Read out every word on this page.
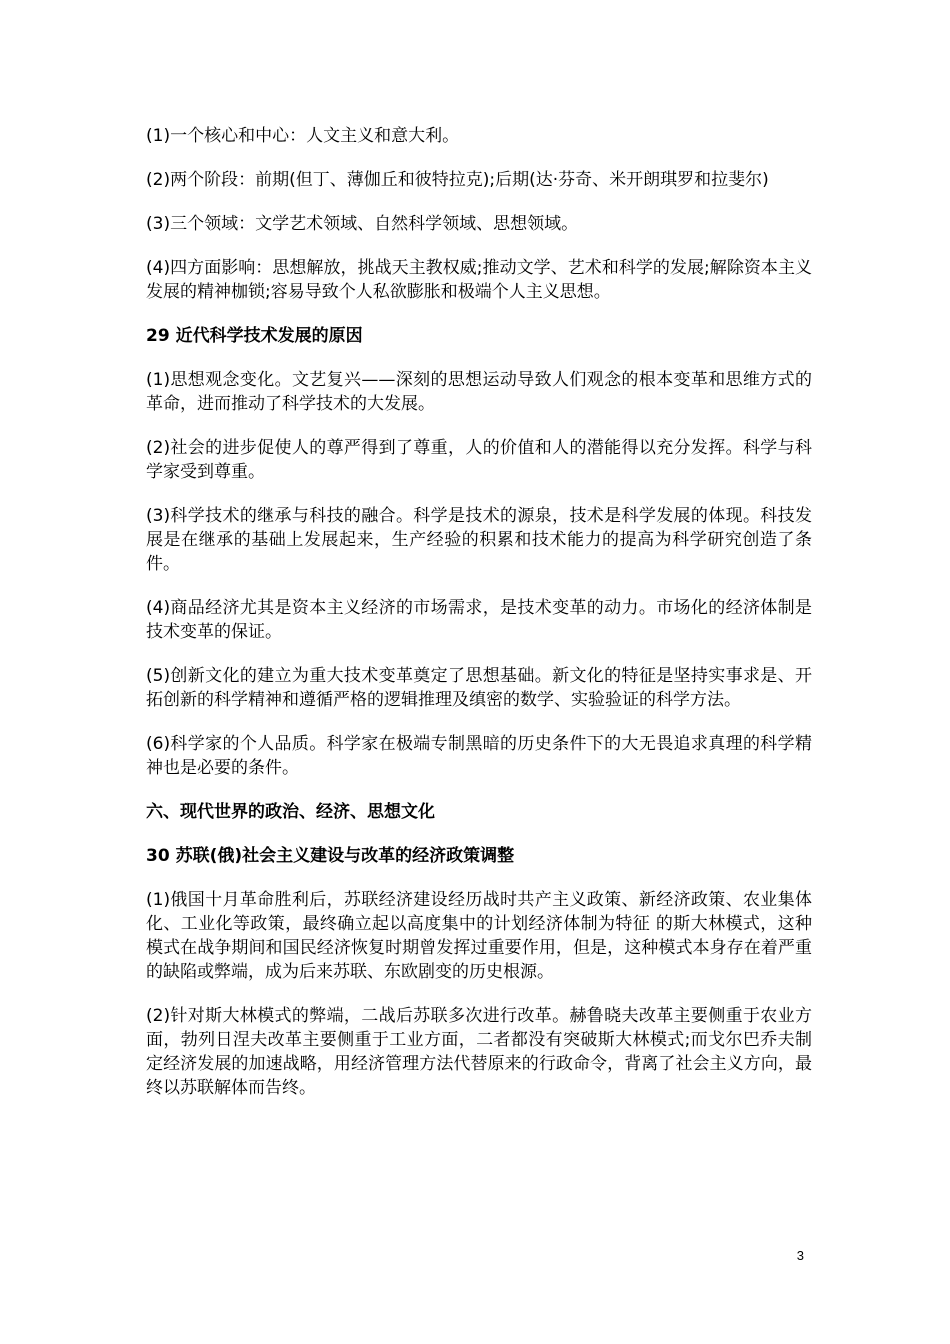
(1)一个核心和中心：人文主义和意大利。

(2)两个阶段：前期(但丁、薄伽丘和彼特拉克);后期(达·芬奇、米开朗琪罗和拉斐尔)

(3)三个领域：文学艺术领域、自然科学领域、思想领域。

(4)四方面影响：思想解放，挑战天主教权威;推动文学、艺术和科学的发展;解除资本主义发展的精神枷锁;容易导致个人私欲膨胀和极端个人主义思想。

29 近代科学技术发展的原因

(1)思想观念变化。文艺复兴——深刻的思想运动导致人们观念的根本变革和思维方式的革命，进而推动了科学技术的大发展。

(2)社会的进步促使人的尊严得到了尊重，人的价值和人的潜能得以充分发挥。科学与科学家受到尊重。

(3)科学技术的继承与科技的融合。科学是技术的源泉，技术是科学发展的体现。科技发展是在继承的基础上发展起来，生产经验的积累和技术能力的提高为科学研究创造了条件。

(4)商品经济尤其是资本主义经济的市场需求，是技术变革的动力。市场化的经济体制是技术变革的保证。

(5)创新文化的建立为重大技术变革奠定了思想基础。新文化的特征是坚持实事求是、开拓创新的科学精神和遵循严格的逻辑推理及缜密的数学、实验验证的科学方法。

(6)科学家的个人品质。科学家在极端专制黑暗的历史条件下的大无畏追求真理的科学精神也是必要的条件。

六、现代世界的政治、经济、思想文化

30 苏联(俄)社会主义建设与改革的经济政策调整

(1)俄国十月革命胜利后，苏联经济建设经历战时共产主义政策、新经济政策、农业集体化、工业化等政策，最终确立起以高度集中的计划经济体制为特征 的斯大林模式，这种模式在战争期间和国民经济恢复时期曾发挥过重要作用，但是，这种模式本身存在着严重的缺陷或弊端，成为后来苏联、东欧剧变的历史根源。

(2)针对斯大林模式的弊端，二战后苏联多次进行改革。赫鲁晓夫改革主要侧重于农业方面，勃列日涅夫改革主要侧重于工业方面，二者都没有突破斯大林模式;而戈尔巴乔夫制定经济发展的加速战略，用经济管理方法代替原来的行政命令，背离了社会主义方向，最终以苏联解体而告终。

3
